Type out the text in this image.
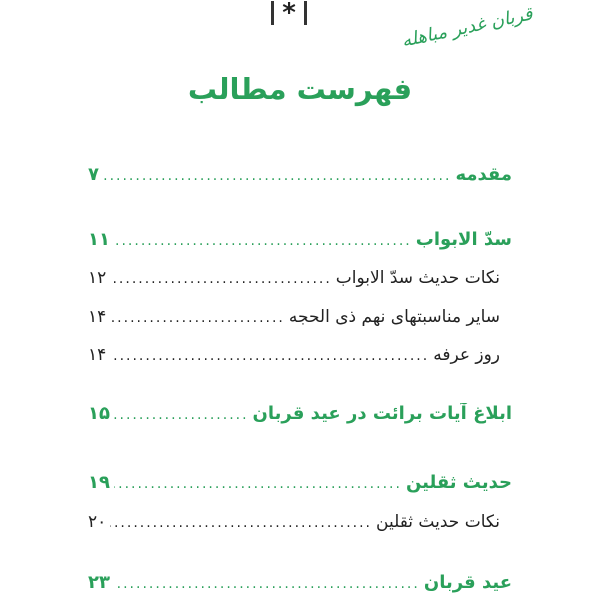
*	قربان غدیر مباهله
فهرست مطالب
مقدمه
.....
۷
سدّ الابواب
.....
۱۱
نکات حدیث سدّ الابواب
.....
۱۲
سایر مناسبتهای نهم ذی الحجه
.....
۱۴
روز عرفه
.....
۱۴
ابلاغ آیات برائت در عید قربان
.....
۱۵
حدیث ثقلین
.....
۱۹
نکات حدیث ثقلین
.....
۲۰
عید قربان
.....
۲۳
